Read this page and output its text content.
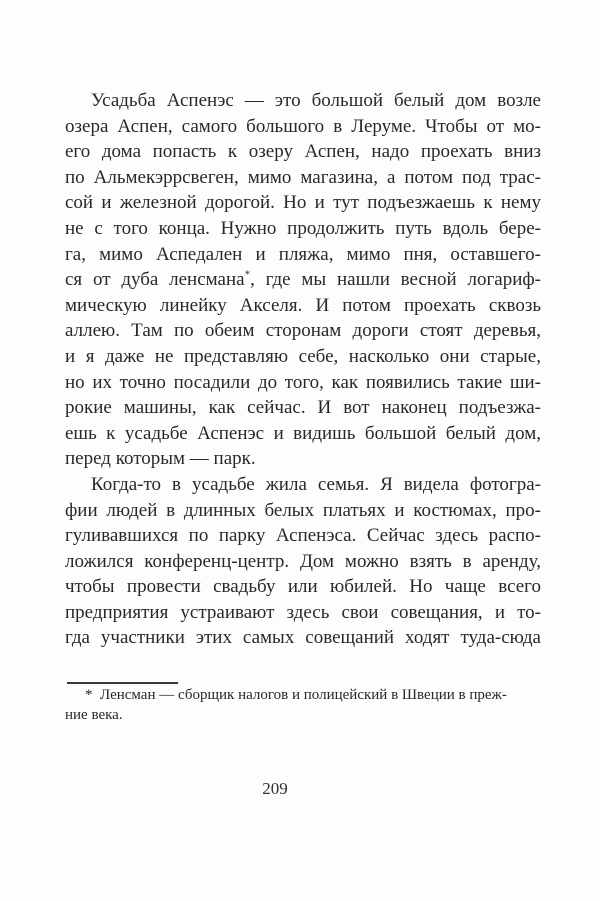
Усадьба Аспенэс — это большой белый дом возле
озера Аспен, самого большого в Леруме. Чтобы от мо-
его дома попасть к озеру Аспен, надо проехать вниз
по Альмекэррсвеген, мимо магазина, а потом под трас-
сой и железной дорогой. Но и тут подъезжаешь к нему
не с того конца. Нужно продолжить путь вдоль бере-
га, мимо Аспедален и пляжа, мимо пня, оставшего-
ся от дуба ленсмана*, где мы нашли весной логариф-
мическую линейку Акселя. И потом проехать сквозь
аллею. Там по обеим сторонам дороги стоят деревья,
и я даже не представляю себе, насколько они старые,
но их точно посадили до того, как появились такие ши-
рокие машины, как сейчас. И вот наконец подъезжа-
ешь к усадьбе Аспенэс и видишь большой белый дом,
перед которым — парк.
Когда-то в усадьбе жила семья. Я видела фотогра-
фии людей в длинных белых платьях и костюмах, про-
гуливавшихся по парку Аспенэса. Сейчас здесь распо-
ложился конференц-центр. Дом можно взять в аренду,
чтобы провести свадьбу или юбилей. Но чаще всего
предприятия устраивают здесь свои совещания, и то-
гда участники этих самых совещаний ходят туда-сюда
* Ленсман — сборщик налогов и полицейский в Швеции в преж-
ние века.
209
